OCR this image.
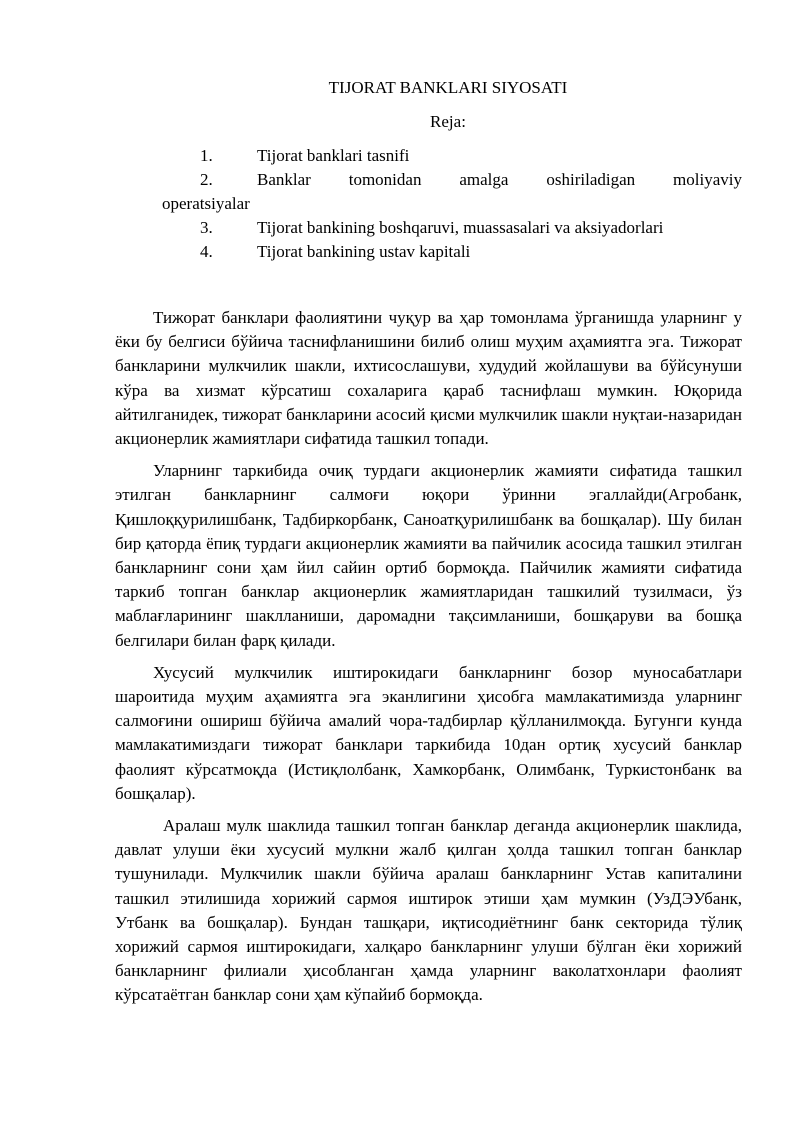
TIJORAT BANKLARI SIYOSATI
Reja:
1.	Tijorat banklari tasnifi
2.	Banklar tomonidan amalga oshiriladigan moliyaviy
operatsiyalar
3.	Tijorat bankining boshqaruvi, muassasalari va aksiyadorlari
4.	Tijorat bankining ustav kapitali

Тижорат банклари фаолиятини чуқур ва ҳар томонлама ўрганишда уларнинг у ёки бу белгиси бўйича таснифланишини билиб олиш муҳим аҳамиятга эга. Тижорат банкларини мулкчилик шакли, ихтисослашуви, худудий жойлашуви ва бўйсунуши кўра ва хизмат кўрсатиш сохаларига қараб таснифлаш мумкин. Юқорида айтилганидек, тижорат банкларини асосий қисми мулкчилик шакли нуқтаи-назаридан акционерлик жамиятлари сифатида ташкил топади.

Уларнинг таркибида очиқ турдаги акционерлик жамияти сифатида ташкил этилган банкларнинг салмоғи юқори ўринни эгаллайди(Агробанк, Қишлоққурилишбанк, Тадбиркорбанк, Саноатқурилишбанк ва бошқалар). Шу билан бир қаторда ёпиқ турдаги акционерлик жамияти ва пайчилик асосида ташкил этилган банкларнинг сони ҳам йил сайин ортиб бормоқда. Пайчилик жамияти сифатида таркиб топган банклар акционерлик жамиятларидан ташкилий тузилмаси, ўз маблағларининг шаклланиши, даромадни тақсимланиши, бошқаруви ва бошқа белгилари билан фарқ қилади.

Хусусий мулкчилик иштирокидаги банкларнинг бозор муносабатлари шароитида муҳим аҳамиятга эга эканлигини ҳисобга мамлакатимизда уларнинг салмоғини ошириш бўйича амалий чора-тадбирлар қўлланилмоқда. Бугунги кунда мамлакатимиздаги тижорат банклари таркибида 10дан ортиқ хусусий банклар фаолият кўрсатмоқда (Истиқлолбанк, Хамкорбанк, Олимбанк, Туркистонбанк ва бошқалар).

Аралаш мулк шаклида ташкил топган банклар деганда акционерлик шаклида, давлат улуши ёки хусусий мулкни жалб қилган ҳолда ташкил топган банклар тушунилади. Мулкчилик шакли бўйича аралаш банкларнинг Устав капиталини ташкил этилишида хорижий сармоя иштирок этиши ҳам мумкин (УзДЭУбанк, Утбанк ва бошқалар). Бундан ташқари, иқтисодиётнинг банк секторида тўлиқ хорижий сармоя иштирокидаги, халқаро банкларнинг улуши бўлган ёки хорижий банкларнинг филиали ҳисобланган ҳамда уларнинг ваколатхонлари фаолият кўрсатаётган банклар сони ҳам кўпайиб бормоқда.
